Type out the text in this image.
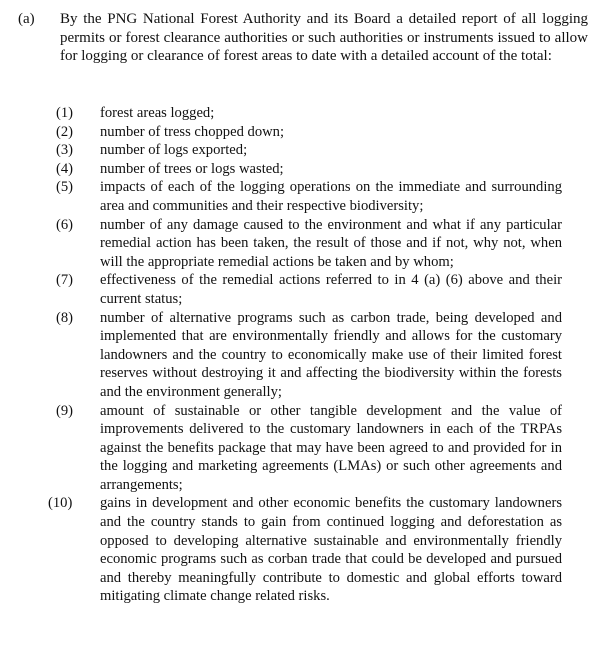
(a) By the PNG National Forest Authority and its Board a detailed report of all logging permits or forest clearance authorities or such authorities or instruments issued to allow for logging or clearance of forest areas to date with a detailed account of the total:
(1)	forest areas logged;
(2)	number of tress chopped down;
(3)	number of logs exported;
(4)	number of trees or logs wasted;
(5)	impacts of each of the logging operations on the immediate and surrounding area and communities and their respective biodiversity;
(6)	number of any damage caused to the environment and what if any particular remedial action has been taken, the result of those and if not, why not, when will the appropriate remedial actions be taken and by whom;
(7)	effectiveness of the remedial actions referred to in 4 (a) (6) above and their current status;
(8)	number of alternative programs such as carbon trade, being developed and implemented that are environmentally friendly and allows for the customary landowners and the country to economically make use of their limited forest reserves without destroying it and affecting the biodiversity within the forests and the environment generally;
(9)	amount of sustainable or other tangible development and the value of improvements delivered to the customary landowners in each of the TRPAs against the benefits package that may have been agreed to and provided for in the logging and marketing agreements (LMAs) or such other agreements and arrangements;
(10)	gains in development and other economic benefits the customary landowners and the country stands to gain from continued logging and deforestation as opposed to developing alternative sustainable and environmentally friendly economic programs such as corban trade that could be developed and pursued and thereby meaningfully contribute to domestic and global efforts toward mitigating climate change related risks.
